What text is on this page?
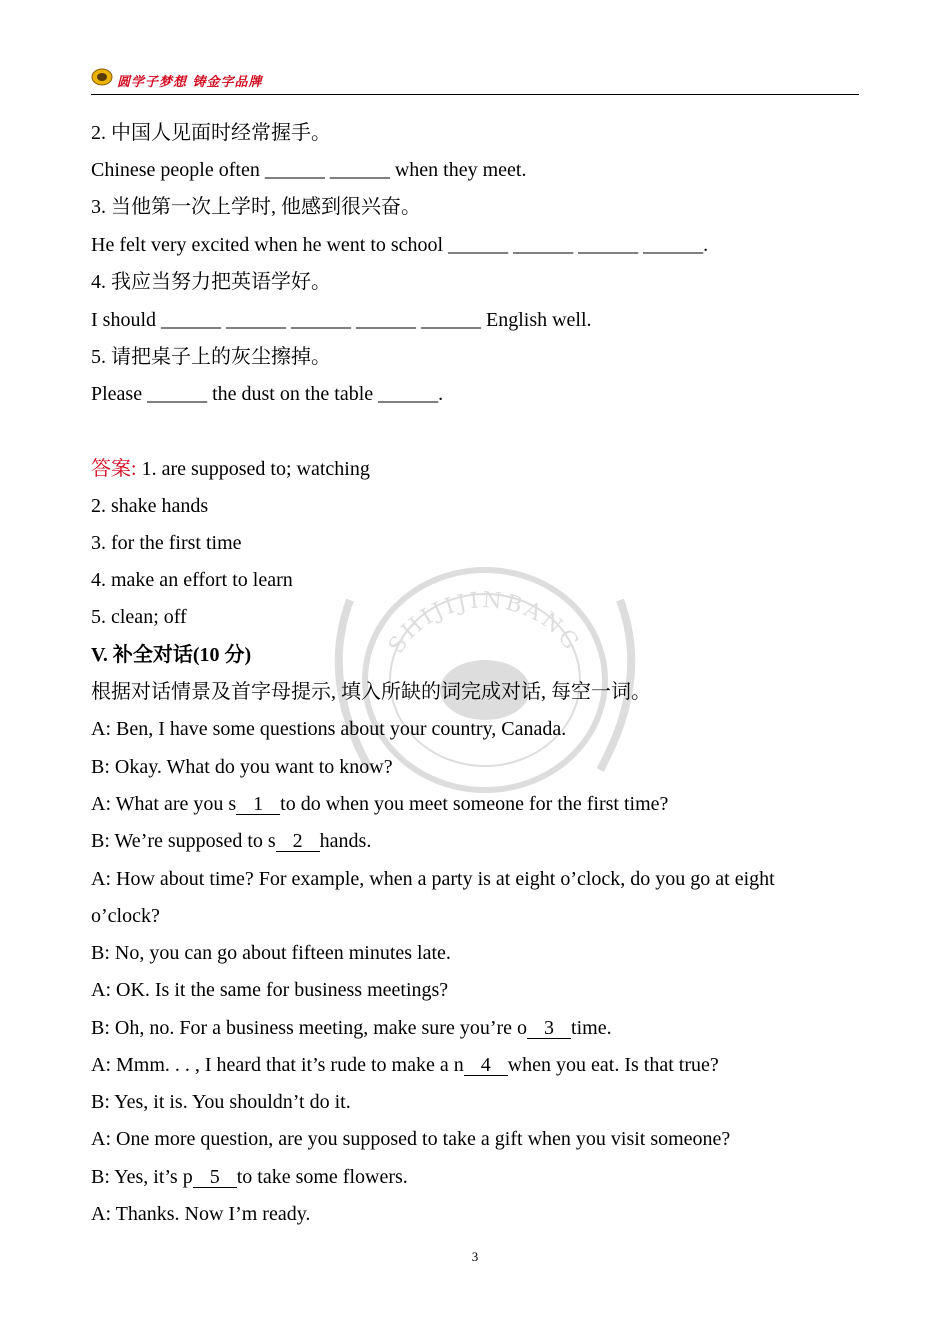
圆学子梦想 铸金字品牌
SHIJIJINBANG
2. 中国人见面时经常握手。
Chinese people often ______ ______ when they meet.
3. 当他第一次上学时, 他感到很兴奋。
He felt very excited when he went to school ______ ______ ______ ______.
4. 我应当努力把英语学好。
I should ______ ______ ______ ______ ______ English well.
5. 请把桌子上的灰尘擦掉。
Please ______ the dust on the table ______.
答案: 1. are supposed to; watching
2. shake hands
3. for the first time
4. make an effort to learn
5. clean; off
V. 补全对话(10 分)
根据对话情景及首字母提示, 填入所缺的词完成对话, 每空一词。
A: Ben, I have some questions about your country, Canada.
B: Okay. What do you want to know?
A: What are you s 1 to do when you meet someone for the first time?
B: We’re supposed to s 2 hands.
A: How about time? For example, when a party is at eight o’clock, do you go at eight
o’clock?
B: No, you can go about fifteen minutes late.
A: OK. Is it the same for business meetings?
B: Oh, no. For a business meeting, make sure you’re o 3 time.
A: Mmm. . . , I heard that it’s rude to make a n 4 when you eat. Is that true?
B: Yes, it is. You shouldn’t do it.
A: One more question, are you supposed to take a gift when you visit someone?
B: Yes, it’s p 5 to take some flowers.
A: Thanks. Now I’m ready.
3
